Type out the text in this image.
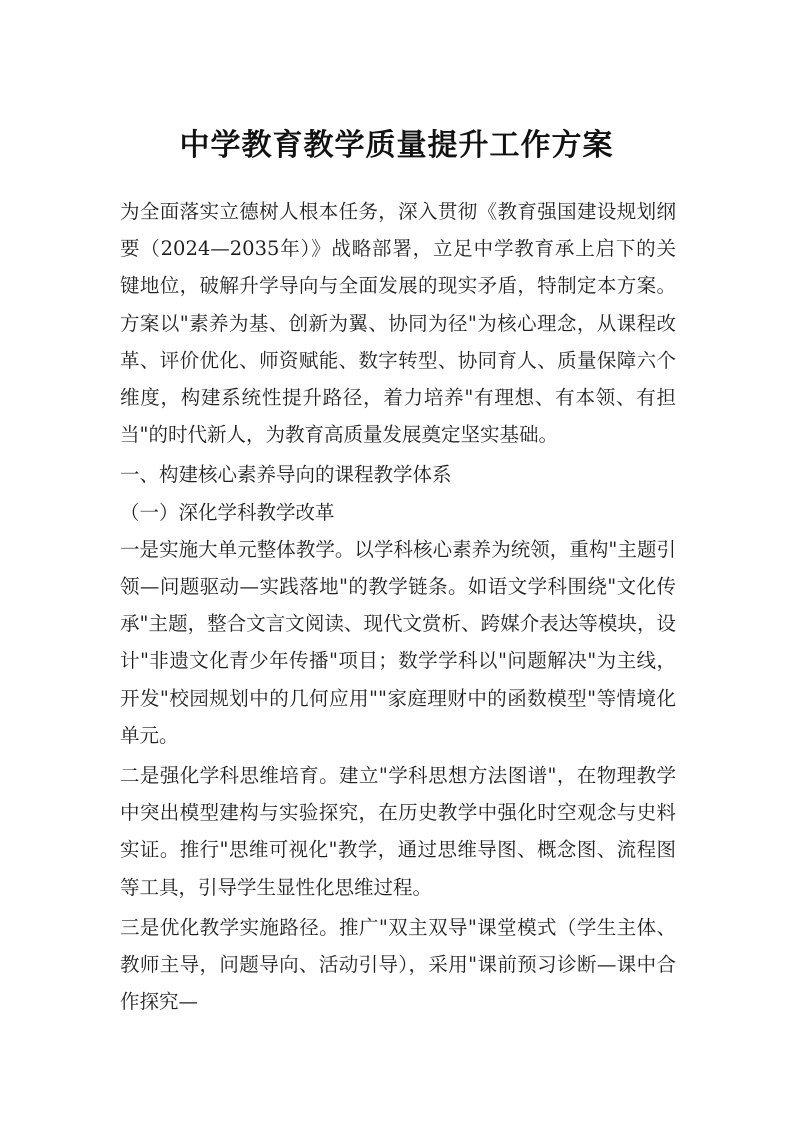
中学教育教学质量提升工作方案

为全面落实立德树人根本任务，深入贯彻《教育强国建设规划纲要（2024—2035年）》战略部署，立足中学教育承上启下的关键地位，破解升学导向与全面发展的现实矛盾，特制定本方案。方案以"素养为基、创新为翼、协同为径"为核心理念，从课程改革、评价优化、师资赋能、数字转型、协同育人、质量保障六个维度，构建系统性提升路径，着力培养"有理想、有本领、有担当"的时代新人，为教育高质量发展奠定坚实基础。

一、构建核心素养导向的课程教学体系

（一）深化学科教学改革

一是实施大单元整体教学。以学科核心素养为统领，重构"主题引领—问题驱动—实践落地"的教学链条。如语文学科围绕"文化传承"主题，整合文言文阅读、现代文赏析、跨媒介表达等模块，设计"非遗文化青少年传播"项目；数学学科以"问题解决"为主线，开发"校园规划中的几何应用""家庭理财中的函数模型"等情境化单元。

二是强化学科思维培育。建立"学科思想方法图谱"，在物理教学中突出模型建构与实验探究，在历史教学中强化时空观念与史料实证。推行"思维可视化"教学，通过思维导图、概念图、流程图等工具，引导学生显性化思维过程。

三是优化教学实施路径。推广"双主双导"课堂模式（学生主体、教师主导，问题导向、活动引导），采用"课前预习诊断—课中合作探究—
